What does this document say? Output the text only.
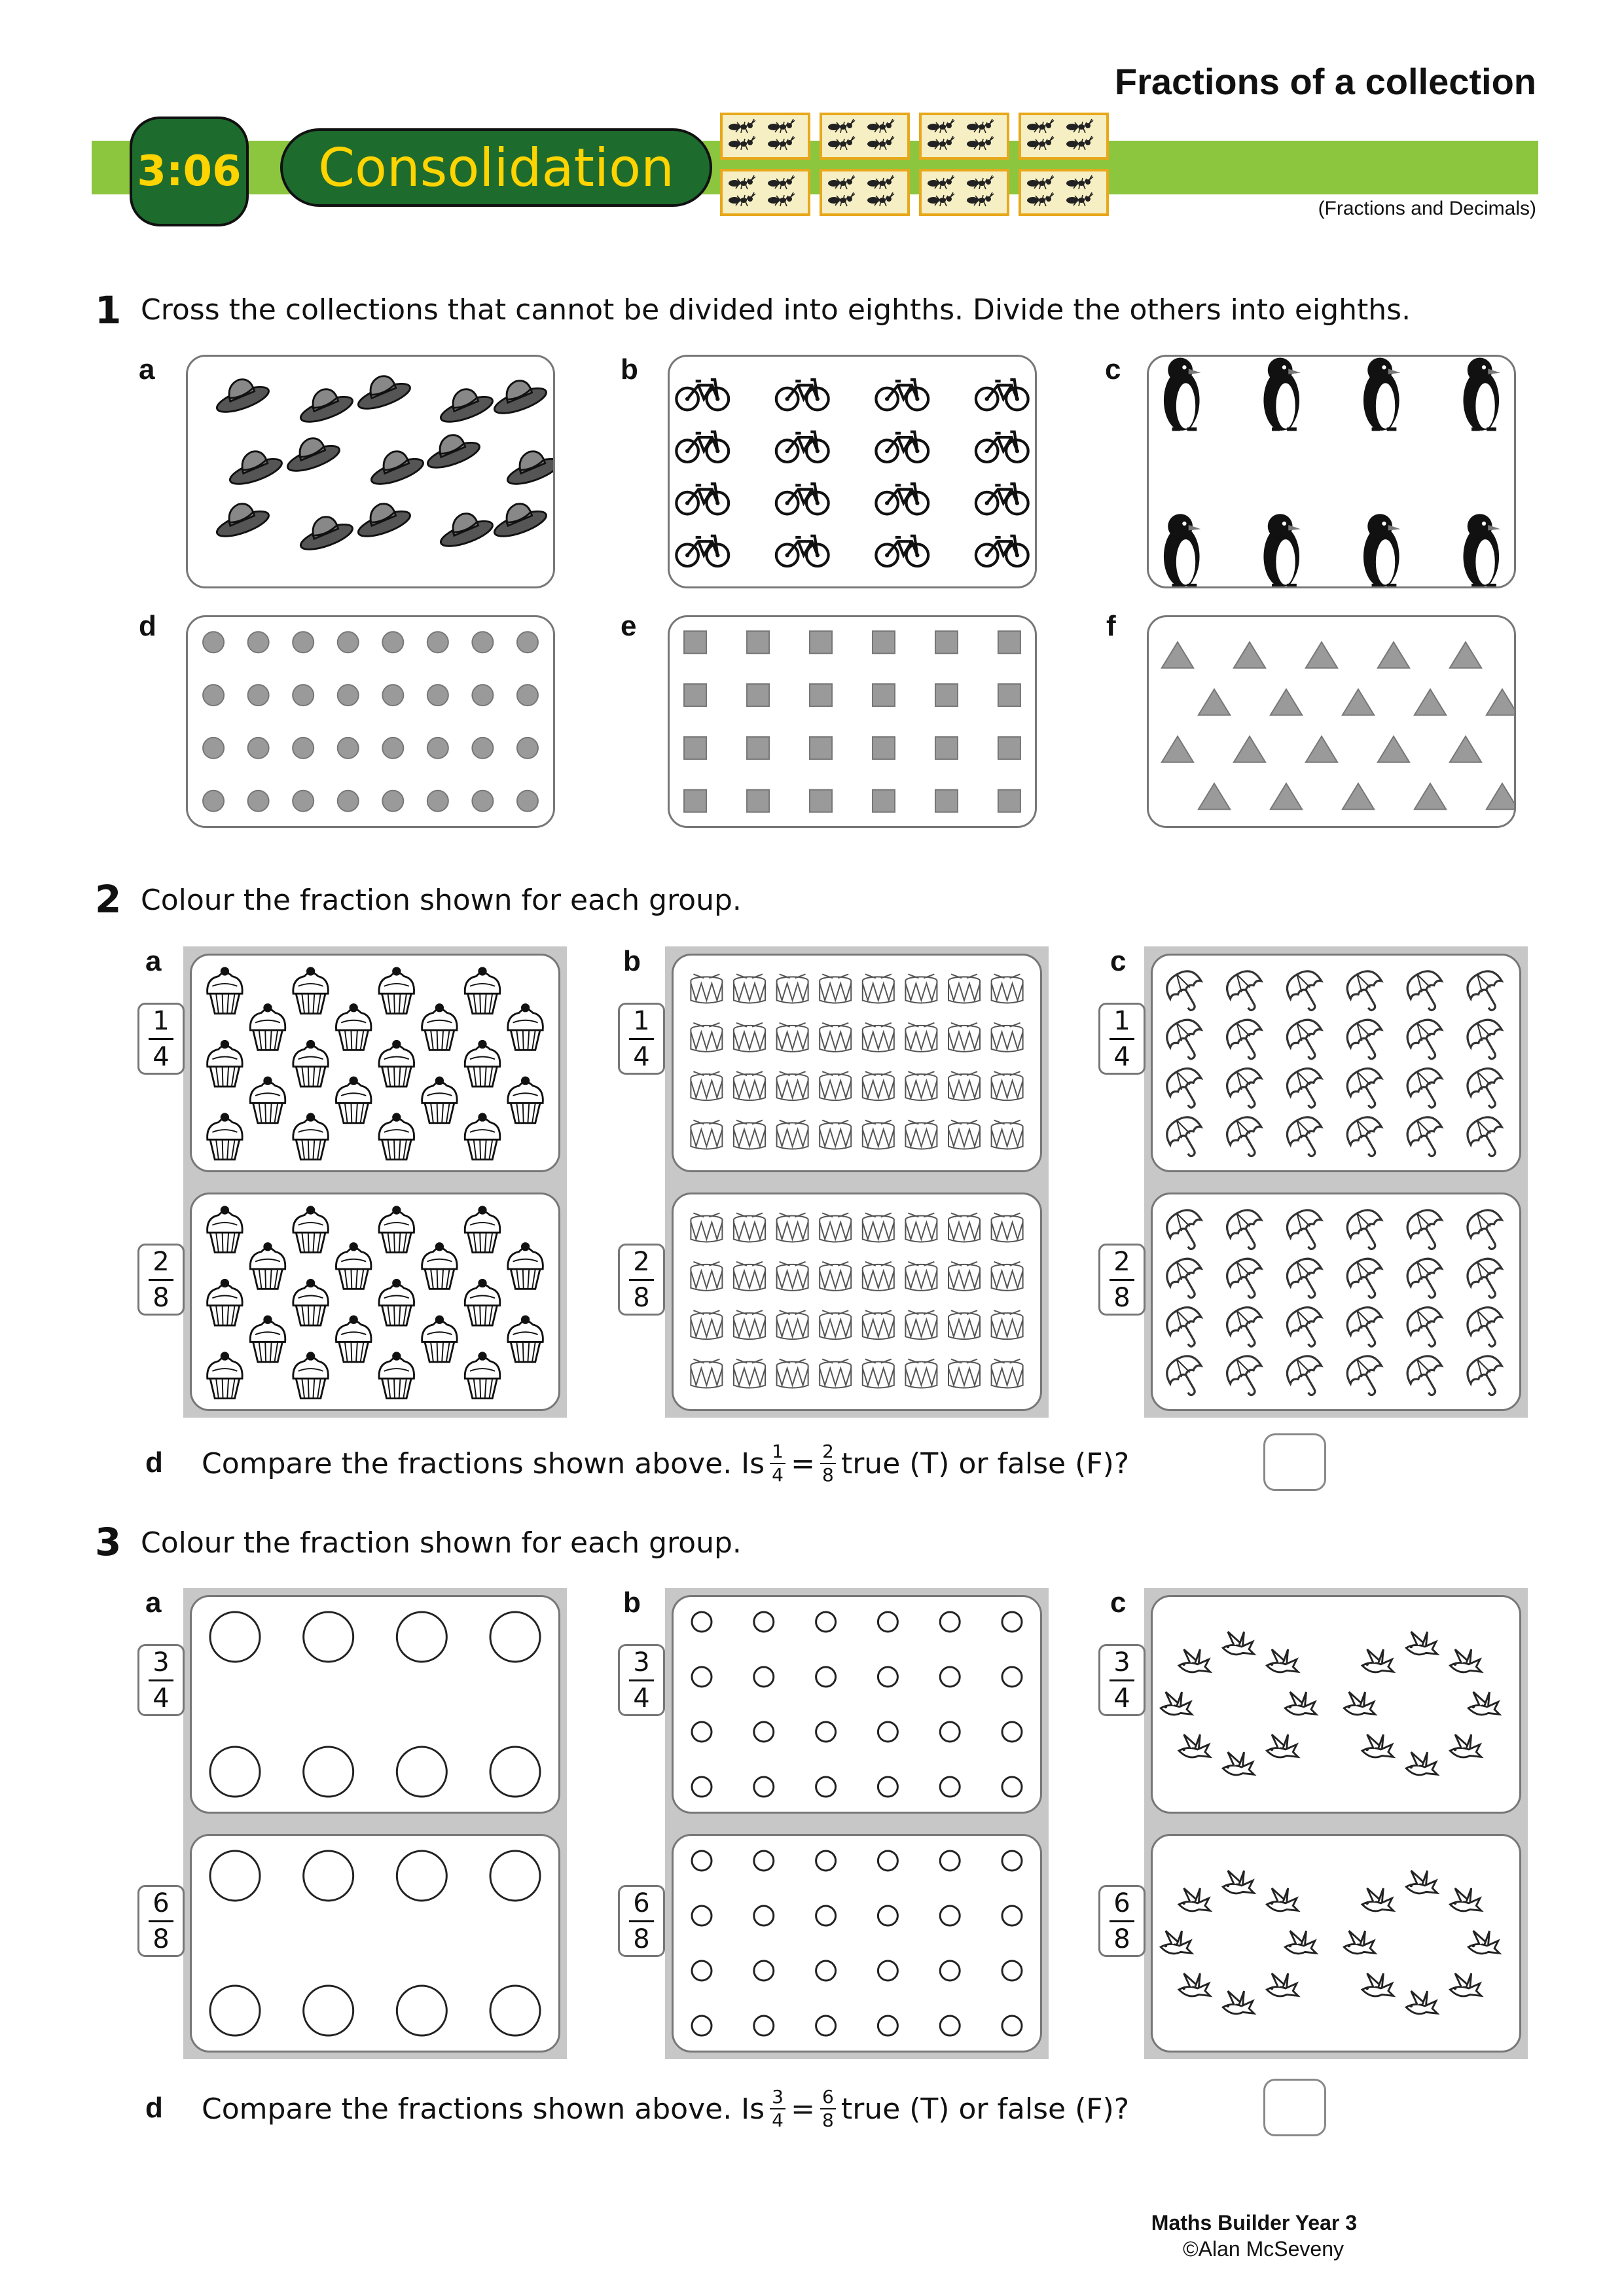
Fractions of a collection
3:06	Consolidation
(Fractions and Decimals)
1 Cross the collections that cannot be divided into eighths. Divide the others into eighths.
a	b	c
d	e	f
2 Colour the fraction shown for each group.
a	b	c
1
4
2
8
1
4
2
8
1
4
2
8
d Compare the fractions shown above. Is 1
4 = 2
8 true (T) or false (F)?
3 Colour the fraction shown for each group.
a	b	c
3
4
6
8
3
4
6
8
3
4
6
8
d Compare the fractions shown above. Is 3
4 = 6
8 true (T) or false (F)?
Maths Builder Year 3
©Alan McSeveny
